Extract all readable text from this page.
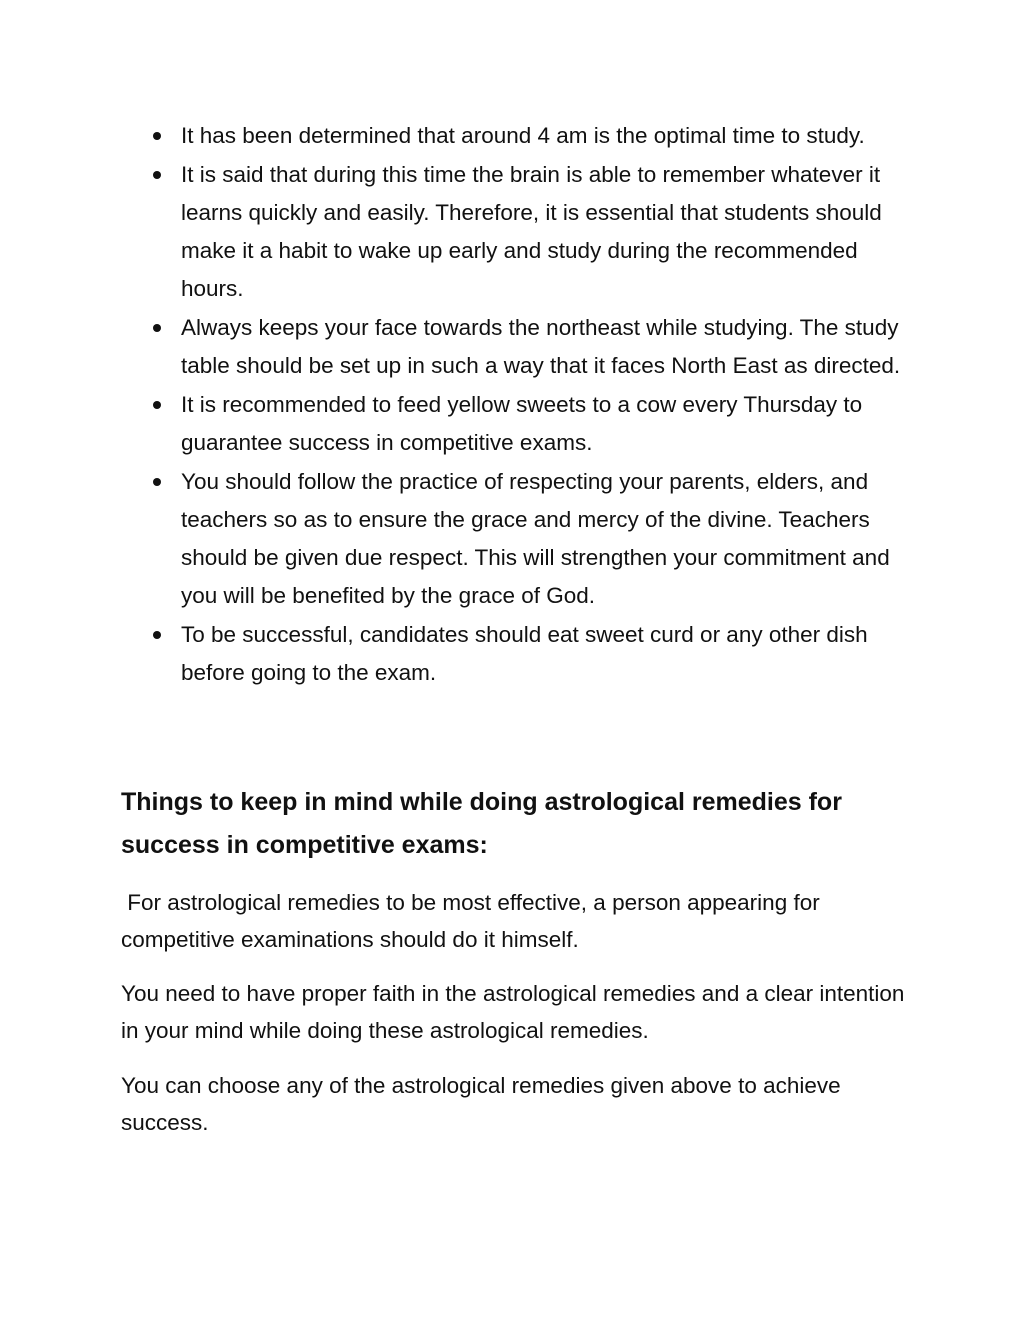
It has been determined that around 4 am is the optimal time to study.
It is said that during this time the brain is able to remember whatever it learns quickly and easily. Therefore, it is essential that students should make it a habit to wake up early and study during the recommended hours.
Always keeps your face towards the northeast while studying. The study table should be set up in such a way that it faces North East as directed.
It is recommended to feed yellow sweets to a cow every Thursday to guarantee success in competitive exams.
You should follow the practice of respecting your parents, elders, and teachers so as to ensure the grace and mercy of the divine. Teachers should be given due respect. This will strengthen your commitment and you will be benefited by the grace of God.
To be successful, candidates should eat sweet curd or any other dish before going to the exam.
Things to keep in mind while doing astrological remedies for success in competitive exams:

For astrological remedies to be most effective, a person appearing for competitive examinations should do it himself.

You need to have proper faith in the astrological remedies and a clear intention in your mind while doing these astrological remedies.

You can choose any of the astrological remedies given above to achieve success.
